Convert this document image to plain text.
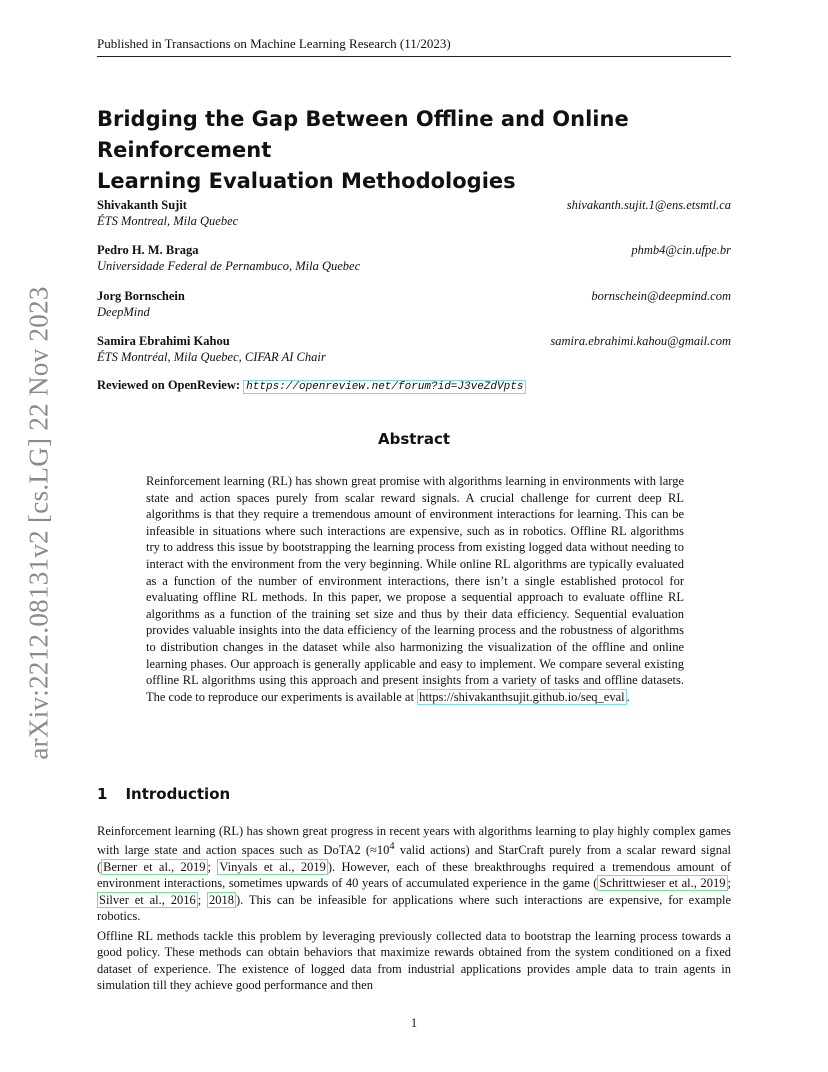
Published in Transactions on Machine Learning Research (11/2023)
arXiv:2212.08131v2 [cs.LG] 22 Nov 2023
Bridging the Gap Between Offline and Online Reinforcement
Learning Evaluation Methodologies
Shivakanth Sujit	shivakanth.sujit.1@ens.etsmtl.ca
ÉTS Montreal, Mila Quebec
Pedro H. M. Braga	phmb4@cin.ufpe.br
Universidade Federal de Pernambuco, Mila Quebec
Jorg Bornschein	bornschein@deepmind.com
DeepMind
Samira Ebrahimi Kahou	samira.ebrahimi.kahou@gmail.com
ÉTS Montréal, Mila Quebec, CIFAR AI Chair
Reviewed on OpenReview: https://openreview.net/forum?id=J3veZdVpts
Abstract
Reinforcement learning (RL) has shown great promise with algorithms learning in environments with large state and action spaces purely from scalar reward signals. A crucial challenge for current deep RL algorithms is that they require a tremendous amount of environment interactions for learning. This can be infeasible in situations where such interactions are expensive, such as in robotics. Offline RL algorithms try to address this issue by bootstrapping the learning process from existing logged data without needing to interact with the environment from the very beginning. While online RL algorithms are typically evaluated as a function of the number of environment interactions, there isn’t a single established protocol for evaluating offline RL methods. In this paper, we propose a sequential approach to evaluate offline RL algorithms as a function of the training set size and thus by their data efficiency. Sequential evaluation provides valuable insights into the data efficiency of the learning process and the robustness of algorithms to distribution changes in the dataset while also harmonizing the visualization of the offline and online learning phases. Our approach is generally applicable and easy to implement. We compare several existing offline RL algorithms using this approach and present insights from a variety of tasks and offline datasets. The code to reproduce our experiments is available at https://shivakanthsujit.github.io/seq_eval .
1 Introduction
Reinforcement learning (RL) has shown great progress in recent years with algorithms learning to play highly complex games with large state and action spaces such as DoTA2 ($\approx 10^4$ valid actions) and StarCraft purely from a scalar reward signal ( Berner et al., 2019 ; Vinyals et al., 2019 ). However, each of these breakthroughs required a tremendous amount of environment interactions, sometimes upwards of 40 years of accumulated experience in the game ( Schrittwieser et al., 2019 ; Silver et al., 2016 ; 2018 ). This can be infeasible for applications where such interactions are expensive, for example robotics.
Offline RL methods tackle this problem by leveraging previously collected data to bootstrap the learning process towards a good policy. These methods can obtain behaviors that maximize rewards obtained from the system conditioned on a fixed dataset of experience. The existence of logged data from industrial applications provides ample data to train agents in simulation till they achieve good performance and then
1
